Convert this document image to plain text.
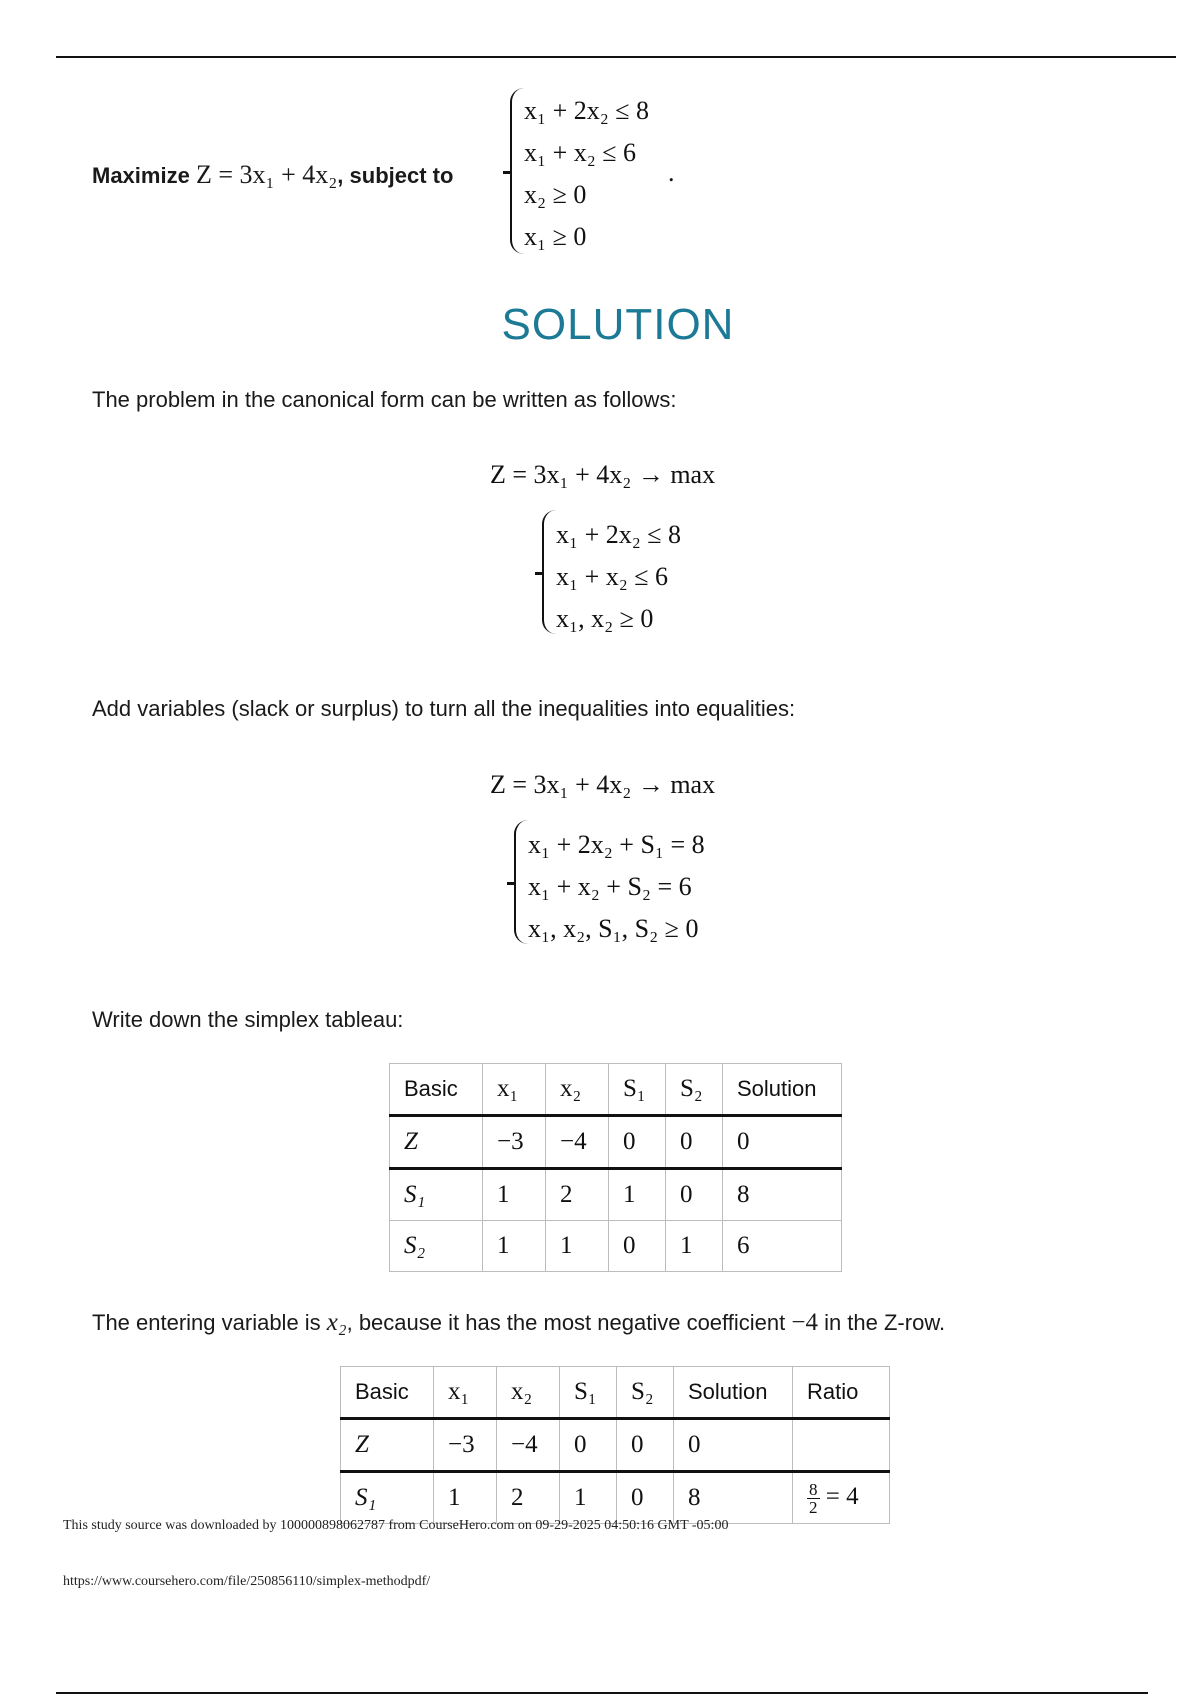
Maximize Z = 3x₁ + 4x₂, subject to
x₁ + 2x₂ ≤ 8
x₁ + x₂ ≤ 6
x₂ ≥ 0
x₁ ≥ 0
.
SOLUTION
The problem in the canonical form can be written as follows:
Z = 3x₁ + 4x₂ → max
x₁ + 2x₂ ≤ 8
x₁ + x₂ ≤ 6
x₁, x₂ ≥ 0
Add variables (slack or surplus) to turn all the inequalities into equalities:
Z = 3x₁ + 4x₂ → max
x₁ + 2x₂ + S₁ = 8
x₁ + x₂ + S₂ = 6
x₁, x₂, S₁, S₂ ≥ 0
Write down the simplex tableau:
Basic	x₁	x₂	S₁	S₂	Solution
Z	−3	−4	0	0	0
S₁	1	2	1	0	8
S₂	1	1	0	1	6
The entering variable is x₂, because it has the most negative coefficient −4 in the Z-row.
Basic	x₁	x₂	S₁	S₂	Solution	Ratio
Z	−3	−4	0	0	0	
S₁	1	2	1	0	8	$\frac{8}{2} = 4$
This study source was downloaded by 100000898062787 from CourseHero.com on 09-29-2025 04:50:16 GMT -05:00
https://www.coursehero.com/file/250856110/simplex-methodpdf/
